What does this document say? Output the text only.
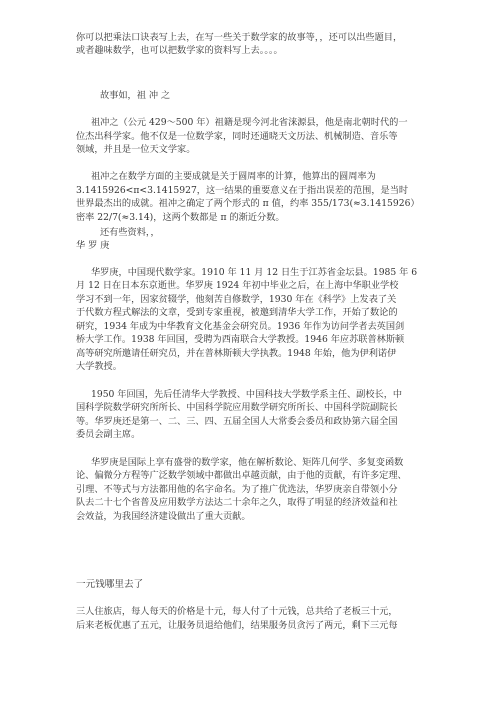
你可以把乘法口诀表写上去，在写一些关于数学家的故事等，，还可以出些题目，
或者趣味数学，也可以把数学家的资料写上去。。。。
故事如，祖 冲 之
祖冲之（公元 429～500 年）祖籍是现今河北省涞源县，他是南北朝时代的一
位杰出科学家。他不仅是一位数学家，同时还通晓天文历法、机械制造、音乐等
领域，并且是一位天文学家。
祖冲之在数学方面的主要成就是关于圆周率的计算，他算出的圆周率为
3.1415926<π<3.1415927，这一结果的重要意义在于指出误差的范围，是当时
世界最杰出的成就。祖冲之确定了两个形式的 π 值，约率 355/173(≈3.1415926）
密率 22/7(≈3.14)，这两个数都是 π 的渐近分数。
还有些资料，，
华 罗 庚
华罗庚，中国现代数学家。1910 年 11 月 12 日生于江苏省金坛县。1985 年 6
月 12 日在日本东京逝世。华罗庚 1924 年初中毕业之后，在上海中华职业学校
学习不到一年，因家贫辍学，他刻苦自修数学，1930 年在《科学》上发表了关
于代数方程式解法的文章，受到专家重视，被邀到清华大学工作，开始了数论的
研究，1934 年成为中华教育文化基金会研究员。1936 年作为访问学者去英国剑
桥大学工作。1938 年回国，受聘为西南联合大学教授。1946 年应苏联普林斯顿
高等研究所邀请任研究员，并在普林斯顿大学执教。1948 年始，他为伊利诺伊
大学教授。
1950 年回国，先后任清华大学教授、中国科技大学数学系主任、副校长，中
国科学院数学研究所所长、中国科学院应用数学研究所所长、中国科学院副院长
等。华罗庚还是第一、二、三、四、五届全国人大常委会委员和政协第六届全国
委员会副主席。
华罗庚是国际上享有盛誉的数学家，他在解析数论、矩阵几何学、多复变函数
论、偏微分方程等广泛数学领域中都做出卓越贡献，由于他的贡献，有许多定理、
引理、不等式与方法都用他的名字命名。为了推广优选法，华罗庚亲自带领小分
队去二十七个省普及应用数学方法达二十余年之久，取得了明显的经济效益和社
会效益，为我国经济建设做出了重大贡献。
一元钱哪里去了
三人住旅店，每人每天的价格是十元，每人付了十元钱，总共给了老板三十元，
后来老板优惠了五元，让服务员退给他们，结果服务员贪污了两元，剩下三元每
